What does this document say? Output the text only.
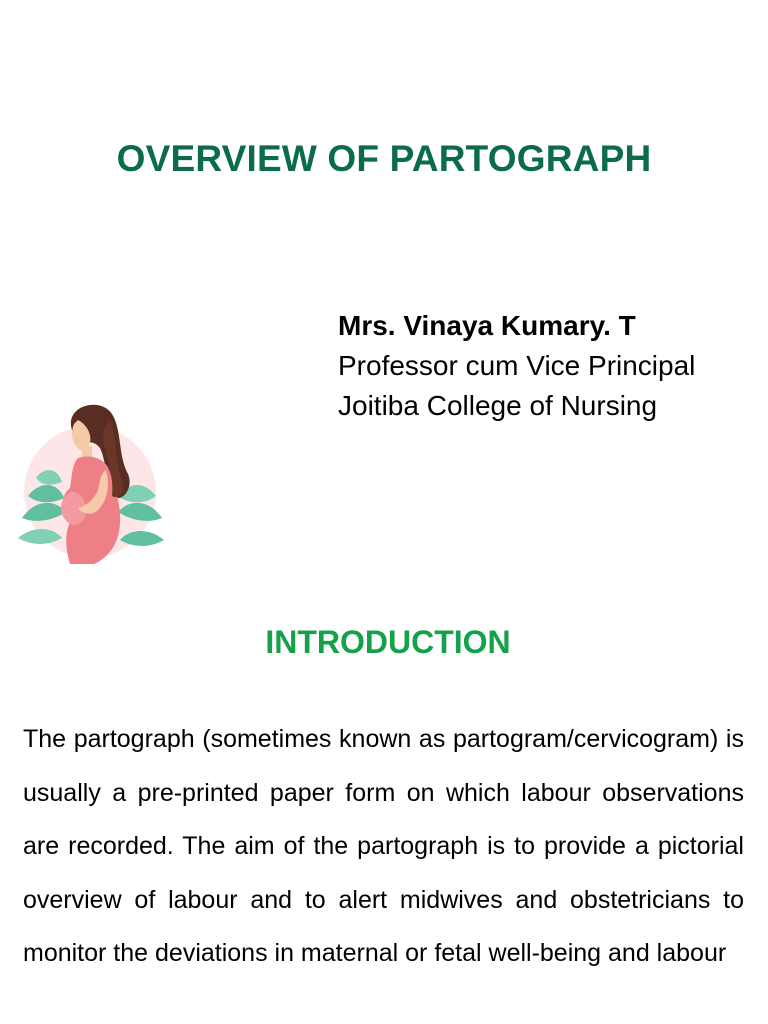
OVERVIEW OF PARTOGRAPH
Mrs. Vinaya Kumary. T
Professor cum Vice Principal
Joitiba College of Nursing
INTRODUCTION
The partograph (sometimes known as partogram/cervicogram) is usually a pre-printed paper form on which labour observations are recorded. The aim of the partograph is to provide a pictorial overview of labour and to alert midwives and obstetricians to monitor the deviations in maternal or fetal well-being and labour
